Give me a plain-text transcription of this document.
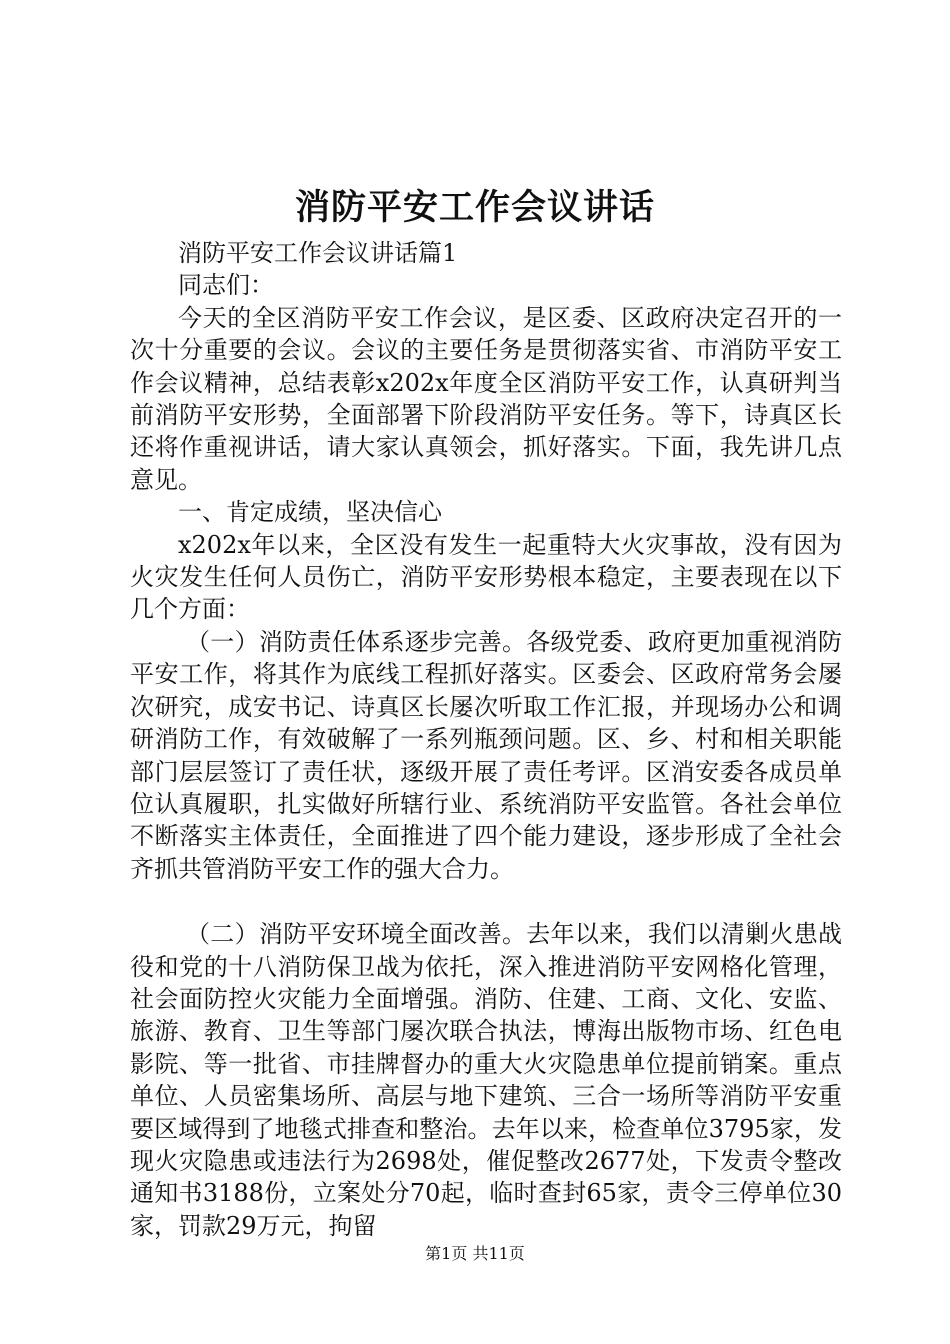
消防平安工作会议讲话

消防平安工作会议讲话篇1

同志们：

今天的全区消防平安工作会议，是区委、区政府决定召开的一次十分重要的会议。会议的主要任务是贯彻落实省、市消防平安工作会议精神，总结表彰x202x年度全区消防平安工作，认真研判当前消防平安形势，全面部署下阶段消防平安任务。等下，诗真区长还将作重视讲话，请大家认真领会，抓好落实。下面，我先讲几点意见。

一、肯定成绩，坚决信心

x202x年以来，全区没有发生一起重特大火灾事故，没有因为火灾发生任何人员伤亡，消防平安形势根本稳定，主要表现在以下几个方面：

（一）消防责任体系逐步完善。各级党委、政府更加重视消防平安工作，将其作为底线工程抓好落实。区委会、区政府常务会屡次研究，成安书记、诗真区长屡次听取工作汇报，并现场办公和调研消防工作，有效破解了一系列瓶颈问题。区、乡、村和相关职能部门层层签订了责任状，逐级开展了责任考评。区消安委各成员单位认真履职，扎实做好所辖行业、系统消防平安监管。各社会单位不断落实主体责任，全面推进了四个能力建设，逐步形成了全社会齐抓共管消防平安工作的强大合力。

（二）消防平安环境全面改善。去年以来，我们以清剿火患战役和党的十八消防保卫战为依托，深入推进消防平安网格化管理，社会面防控火灾能力全面增强。消防、住建、工商、文化、安监、旅游、教育、卫生等部门屡次联合执法，博海出版物市场、红色电影院、等一批省、市挂牌督办的重大火灾隐患单位提前销案。重点单位、人员密集场所、高层与地下建筑、三合一场所等消防平安重要区域得到了地毯式排查和整治。去年以来，检查单位3795家，发现火灾隐患或违法行为2698处，催促整改2677处，下发责令整改通知书3188份，立案处分70起，临时查封65家，责令三停单位30家，罚款29万元，拘留

第1页 共11页
